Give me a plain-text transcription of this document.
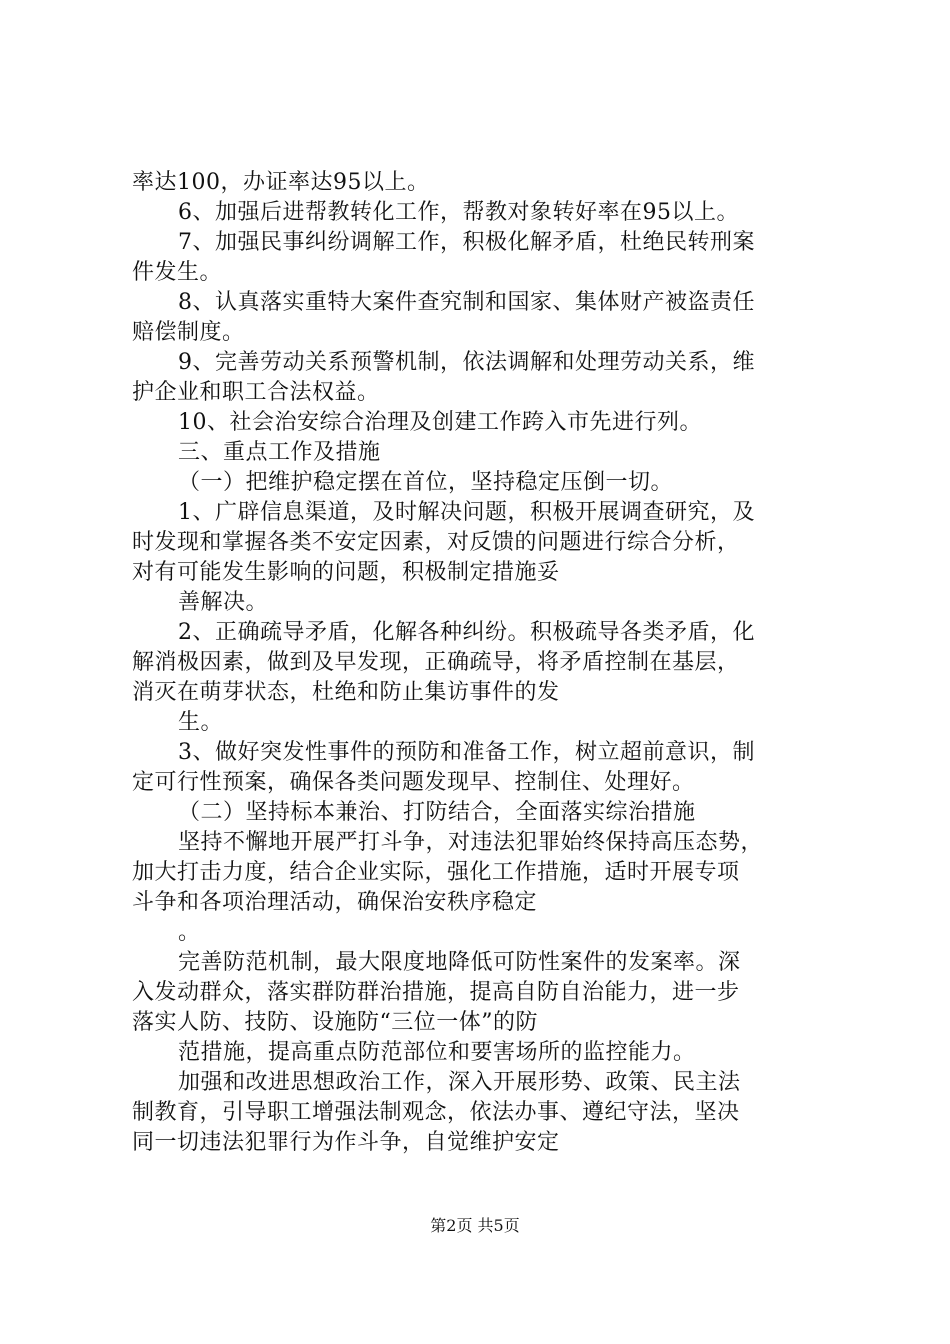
率达100，办证率达95以上。
6、加强后进帮教转化工作，帮教对象转好率在95以上。
7、加强民事纠纷调解工作，积极化解矛盾，杜绝民转刑案
件发生。
8、认真落实重特大案件查究制和国家、集体财产被盗责任
赔偿制度。
9、完善劳动关系预警机制，依法调解和处理劳动关系，维
护企业和职工合法权益。
10、社会治安综合治理及创建工作跨入市先进行列。
三、重点工作及措施
（一）把维护稳定摆在首位，坚持稳定压倒一切。
1、广辟信息渠道，及时解决问题，积极开展调查研究，及
时发现和掌握各类不安定因素，对反馈的问题进行综合分析，
对有可能发生影响的问题，积极制定措施妥
善解决。
2、正确疏导矛盾，化解各种纠纷。积极疏导各类矛盾，化
解消极因素，做到及早发现，正确疏导，将矛盾控制在基层，
消灭在萌芽状态，杜绝和防止集访事件的发
生。
3、做好突发性事件的预防和准备工作，树立超前意识，制
定可行性预案，确保各类问题发现早、控制住、处理好。
（二）坚持标本兼治、打防结合，全面落实综治措施
坚持不懈地开展严打斗争，对违法犯罪始终保持高压态势，
加大打击力度，结合企业实际，强化工作措施，适时开展专项
斗争和各项治理活动，确保治安秩序稳定
。
完善防范机制，最大限度地降低可防性案件的发案率。深
入发动群众，落实群防群治措施，提高自防自治能力，进一步
落实人防、技防、设施防“三位一体”的防
范措施，提高重点防范部位和要害场所的监控能力。
加强和改进思想政治工作，深入开展形势、政策、民主法
制教育，引导职工增强法制观念，依法办事、遵纪守法，坚决
同一切违法犯罪行为作斗争，自觉维护安定
第2页 共5页
